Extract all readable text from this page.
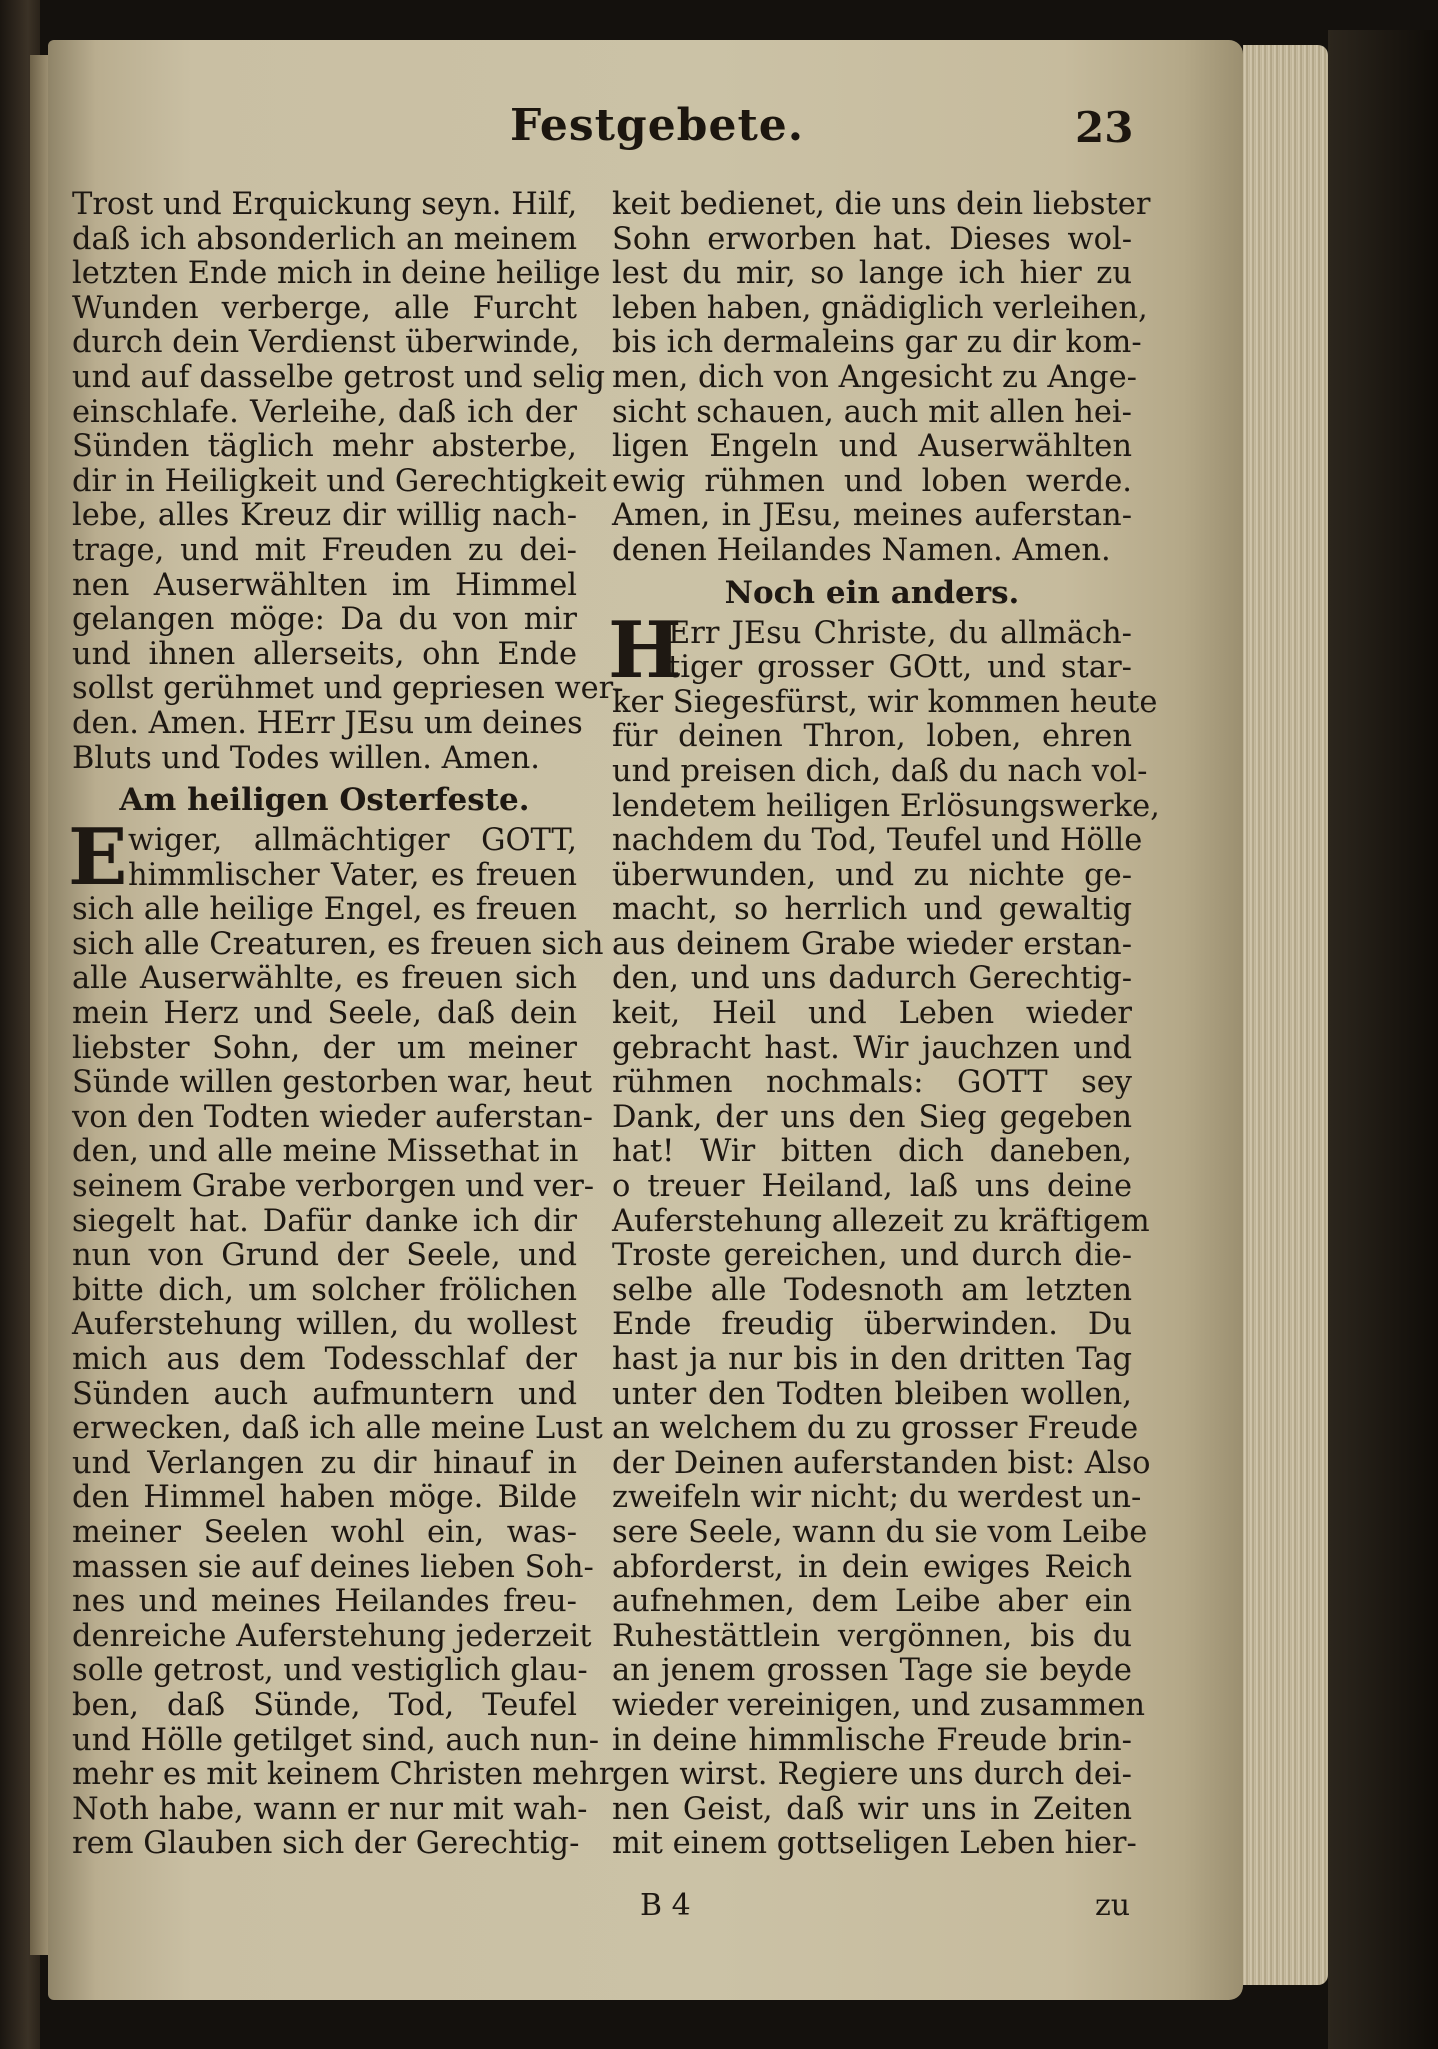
Festgebete.	23
Trost und Erquickung seyn. Hilf,
daß ich absonderlich an meinem
letzten Ende mich in deine heilige
Wunden verberge, alle Furcht
durch dein Verdienst überwinde,
und auf dasselbe getrost und selig
einschlafe. Verleihe, daß ich der
Sünden täglich mehr absterbe,
dir in Heiligkeit und Gerechtigkeit
lebe, alles Kreuz dir willig nach-
trage, und mit Freuden zu dei-
nen Auserwählten im Himmel
gelangen möge: Da du von mir
und ihnen allerseits, ohn Ende
sollst gerühmet und gepriesen wer-
den. Amen. HErr JEsu um deines
Bluts und Todes willen. Amen.
Am heiligen Osterfeste.
E wiger, allmächtiger GOTT,
himmlischer Vater, es freuen
sich alle heilige Engel, es freuen
sich alle Creaturen, es freuen sich
alle Auserwählte, es freuen sich
mein Herz und Seele, daß dein
liebster Sohn, der um meiner
Sünde willen gestorben war, heut
von den Todten wieder auferstan-
den, und alle meine Missethat in
seinem Grabe verborgen und ver-
siegelt hat. Dafür danke ich dir
nun von Grund der Seele, und
bitte dich, um solcher frölichen
Auferstehung willen, du wollest
mich aus dem Todesschlaf der
Sünden auch aufmuntern und
erwecken, daß ich alle meine Lust
und Verlangen zu dir hinauf in
den Himmel haben möge. Bilde
meiner Seelen wohl ein, was-
massen sie auf deines lieben Soh-
nes und meines Heilandes freu-
denreiche Auferstehung jederzeit
solle getrost, und vestiglich glau-
ben, daß Sünde, Tod, Teufel
und Hölle getilget sind, auch nun-
mehr es mit keinem Christen mehr
Noth habe, wann er nur mit wah-
rem Glauben sich der Gerechtig-
keit bedienet, die uns dein liebster
Sohn erworben hat. Dieses wol-
lest du mir, so lange ich hier zu
leben haben, gnädiglich verleihen,
bis ich dermaleins gar zu dir kom-
men, dich von Angesicht zu Ange-
sicht schauen, auch mit allen hei-
ligen Engeln und Auserwählten
ewig rühmen und loben werde.
Amen, in JEsu, meines auferstan-
denen Heilandes Namen. Amen.
Noch ein anders.
H
Err JEsu Christe, du allmäch-
tiger grosser GOtt, und star-
ker Siegesfürst, wir kommen heute
für deinen Thron, loben, ehren
und preisen dich, daß du nach vol-
lendetem heiligen Erlösungswerke,
nachdem du Tod, Teufel und Hölle
überwunden, und zu nichte ge-
macht, so herrlich und gewaltig
aus deinem Grabe wieder erstan-
den, und uns dadurch Gerechtig-
keit, Heil und Leben wieder
gebracht hast. Wir jauchzen und
rühmen nochmals: GOTT sey
Dank, der uns den Sieg gegeben
hat! Wir bitten dich daneben,
o treuer Heiland, laß uns deine
Auferstehung allezeit zu kräftigem
Troste gereichen, und durch die-
selbe alle Todesnoth am letzten
Ende freudig überwinden. Du
hast ja nur bis in den dritten Tag
unter den Todten bleiben wollen,
an welchem du zu grosser Freude
der Deinen auferstanden bist: Also
zweifeln wir nicht; du werdest un-
sere Seele, wann du sie vom Leibe
abforderst, in dein ewiges Reich
aufnehmen, dem Leibe aber ein
Ruhestättlein vergönnen, bis du
an jenem grossen Tage sie beyde
wieder vereinigen, und zusammen
in deine himmlische Freude brin-
gen wirst. Regiere uns durch dei-
nen Geist, daß wir uns in Zeiten
mit einem gottseligen Leben hier-
B 4	zu
